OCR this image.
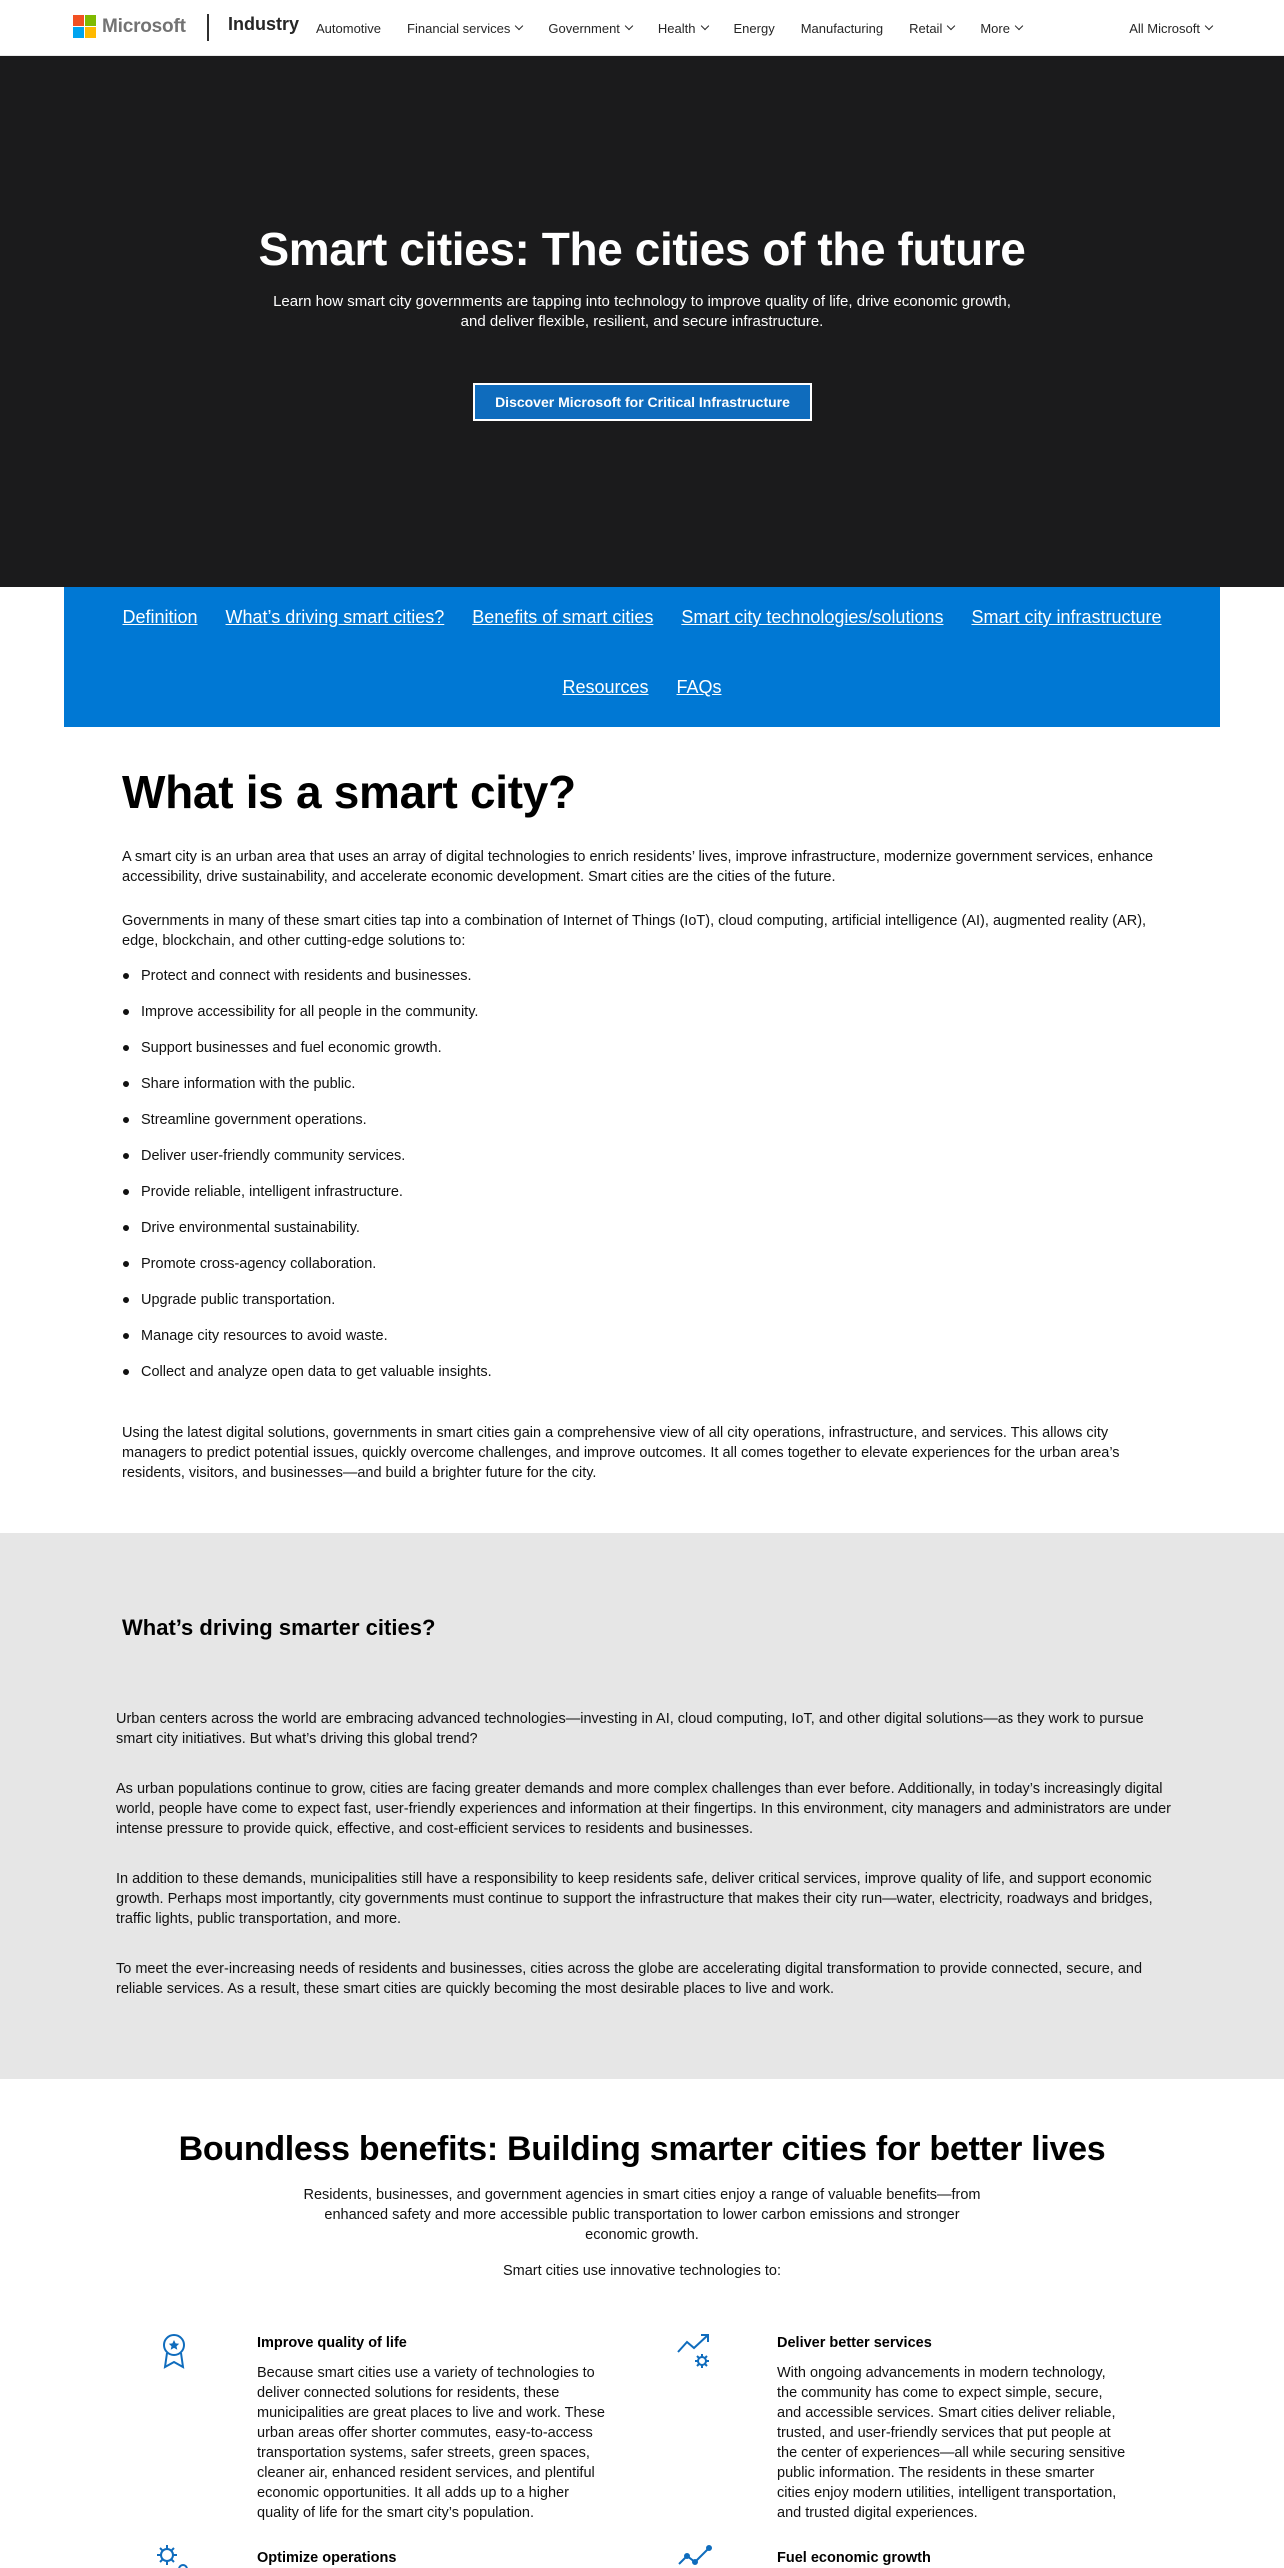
Microsoft Industry Automotive Financial services	Government	Health	Energy Manufacturing Retail	More	All Microsoft
Smart cities: The cities of the future

Learn how smart city governments are tapping into technology to improve quality of life, drive economic growth, and deliver flexible, resilient, and secure infrastructure.

Discover Microsoft for Critical Infrastructure
Definition What’s driving smart cities? Benefits of smart cities Smart city technologies/solutions Smart city infrastructure
Resources FAQs
What is a smart city?

A smart city is an urban area that uses an array of digital technologies to enrich residents’ lives, improve infrastructure, modernize government services, enhance accessibility, drive sustainability, and accelerate economic development. Smart cities are the cities of the future.

Governments in many of these smart cities tap into a combination of Internet of Things (IoT), cloud computing, artificial intelligence (AI), augmented reality (AR), edge, blockchain, and other cutting-edge solutions to:

Protect and connect with residents and businesses.
Improve accessibility for all people in the community.
Support businesses and fuel economic growth.
Share information with the public.
Streamline government operations.
Deliver user-friendly community services.
Provide reliable, intelligent infrastructure.
Drive environmental sustainability.
Promote cross-agency collaboration.
Upgrade public transportation.
Manage city resources to avoid waste.
Collect and analyze open data to get valuable insights.

Using the latest digital solutions, governments in smart cities gain a comprehensive view of all city operations, infrastructure, and services. This allows city managers to predict potential issues, quickly overcome challenges, and improve outcomes. It all comes together to elevate experiences for the urban area’s residents, visitors, and businesses—and build a brighter future for the city.

What’s driving smarter cities?

Urban centers across the world are embracing advanced technologies—investing in AI, cloud computing, IoT, and other digital solutions—as they work to pursue smart city initiatives. But what’s driving this global trend?

As urban populations continue to grow, cities are facing greater demands and more complex challenges than ever before. Additionally, in today’s increasingly digital world, people have come to expect fast, user-friendly experiences and information at their fingertips. In this environment, city managers and administrators are under intense pressure to provide quick, effective, and cost-efficient services to residents and businesses.

In addition to these demands, municipalities still have a responsibility to keep residents safe, deliver critical services, improve quality of life, and support economic growth. Perhaps most importantly, city governments must continue to support the infrastructure that makes their city run—water, electricity, roadways and bridges, traffic lights, public transportation, and more.

To meet the ever-increasing needs of residents and businesses, cities across the globe are accelerating digital transformation to provide connected, secure, and reliable services. As a result, these smart cities are quickly becoming the most desirable places to live and work.

Boundless benefits: Building smarter cities for better lives

Residents, businesses, and government agencies in smart cities enjoy a range of valuable benefits—from enhanced safety and more accessible public transportation to lower carbon emissions and stronger economic growth.

Smart cities use innovative technologies to:

Improve quality of life
Because smart cities use a variety of technologies to deliver connected solutions for residents, these municipalities are great places to live and work. These urban areas offer shorter commutes, easy-to-access transportation systems, safer streets, green spaces, cleaner air, enhanced resident services, and plentiful economic opportunities. It all adds up to a higher quality of life for the smart city’s population.
Deliver better services
With ongoing advancements in modern technology, the community has come to expect simple, secure, and accessible services. Smart cities deliver reliable, trusted, and user-friendly services that put people at the center of experiences—all while securing sensitive public information. The residents in these smarter cities enjoy modern utilities, intelligent transportation, and trusted digital experiences.
Optimize operations	Fuel economic growth
